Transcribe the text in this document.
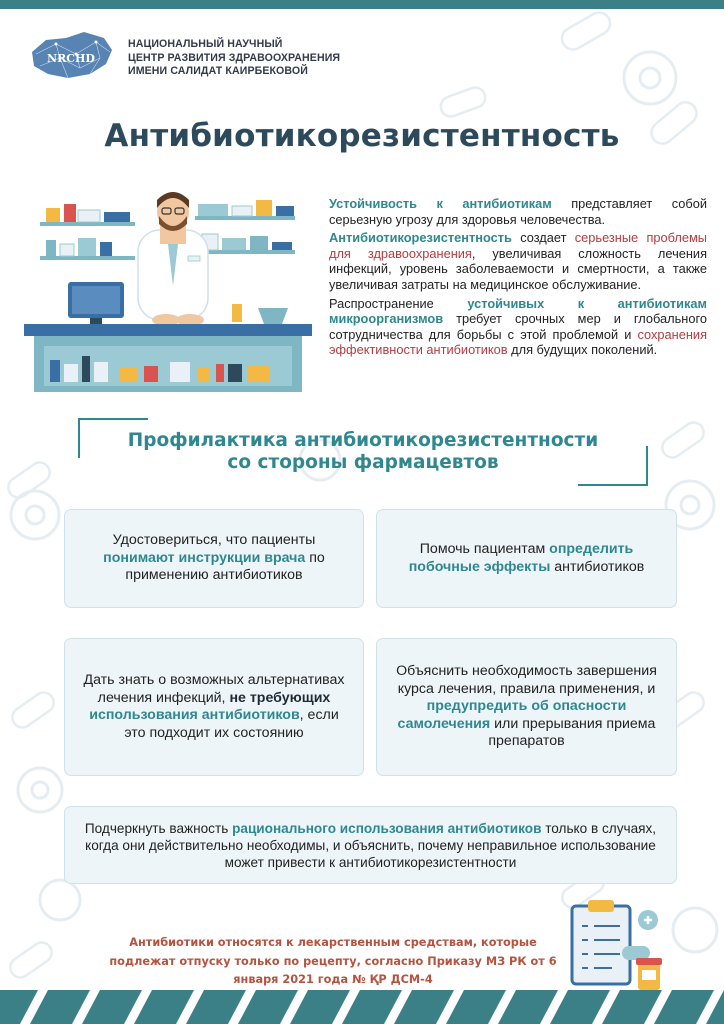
NRCHD
НАЦИОНАЛЬНЫЙ НАУЧНЫЙ
ЦЕНТР РАЗВИТИЯ ЗДРАВООХРАНЕНИЯ
ИМЕНИ САЛИДАТ КАИРБЕКОВОЙ
Антибиотикорезистентность

Устойчивость к антибиотикам представляет собой серьезную угрозу для здоровья человечества.

Антибиотикорезистентность создает серьезные проблемы для здравоохранения, увеличивая сложность лечения инфекций, уровень заболеваемости и смертности, а также увеличивая затраты на медицинское обслуживание.

Распространение устойчивых к антибиотикам микроорганизмов требует срочных мер и глобального сотрудничества для борьбы с этой проблемой и сохранения эффективности антибиотиков для будущих поколений.

Профилактика антибиотикорезистентности
со стороны фармацевтов
Удостовериться, что пациенты понимают инструкции врача по применению антибиотиков
Помочь пациентам определить побочные эффекты антибиотиков
Дать знать о возможных альтернативах лечения инфекций, не требующих использования антибиотиков, если это подходит их состоянию
Объяснить необходимость завершения курса лечения, правила применения, и предупредить об опасности самолечения или прерывания приема препаратов
Подчеркнуть важность рационального использования антибиотиков только в случаях, когда они действительно необходимы, и объяснить, почему неправильное использование может привести к антибиотикорезистентности
Антибиотики относятся к лекарственным средствам, которые
подлежат отпуску только по рецепту, согласно Приказу МЗ РК от 6
января 2021 года № ҚР ДСМ-4
